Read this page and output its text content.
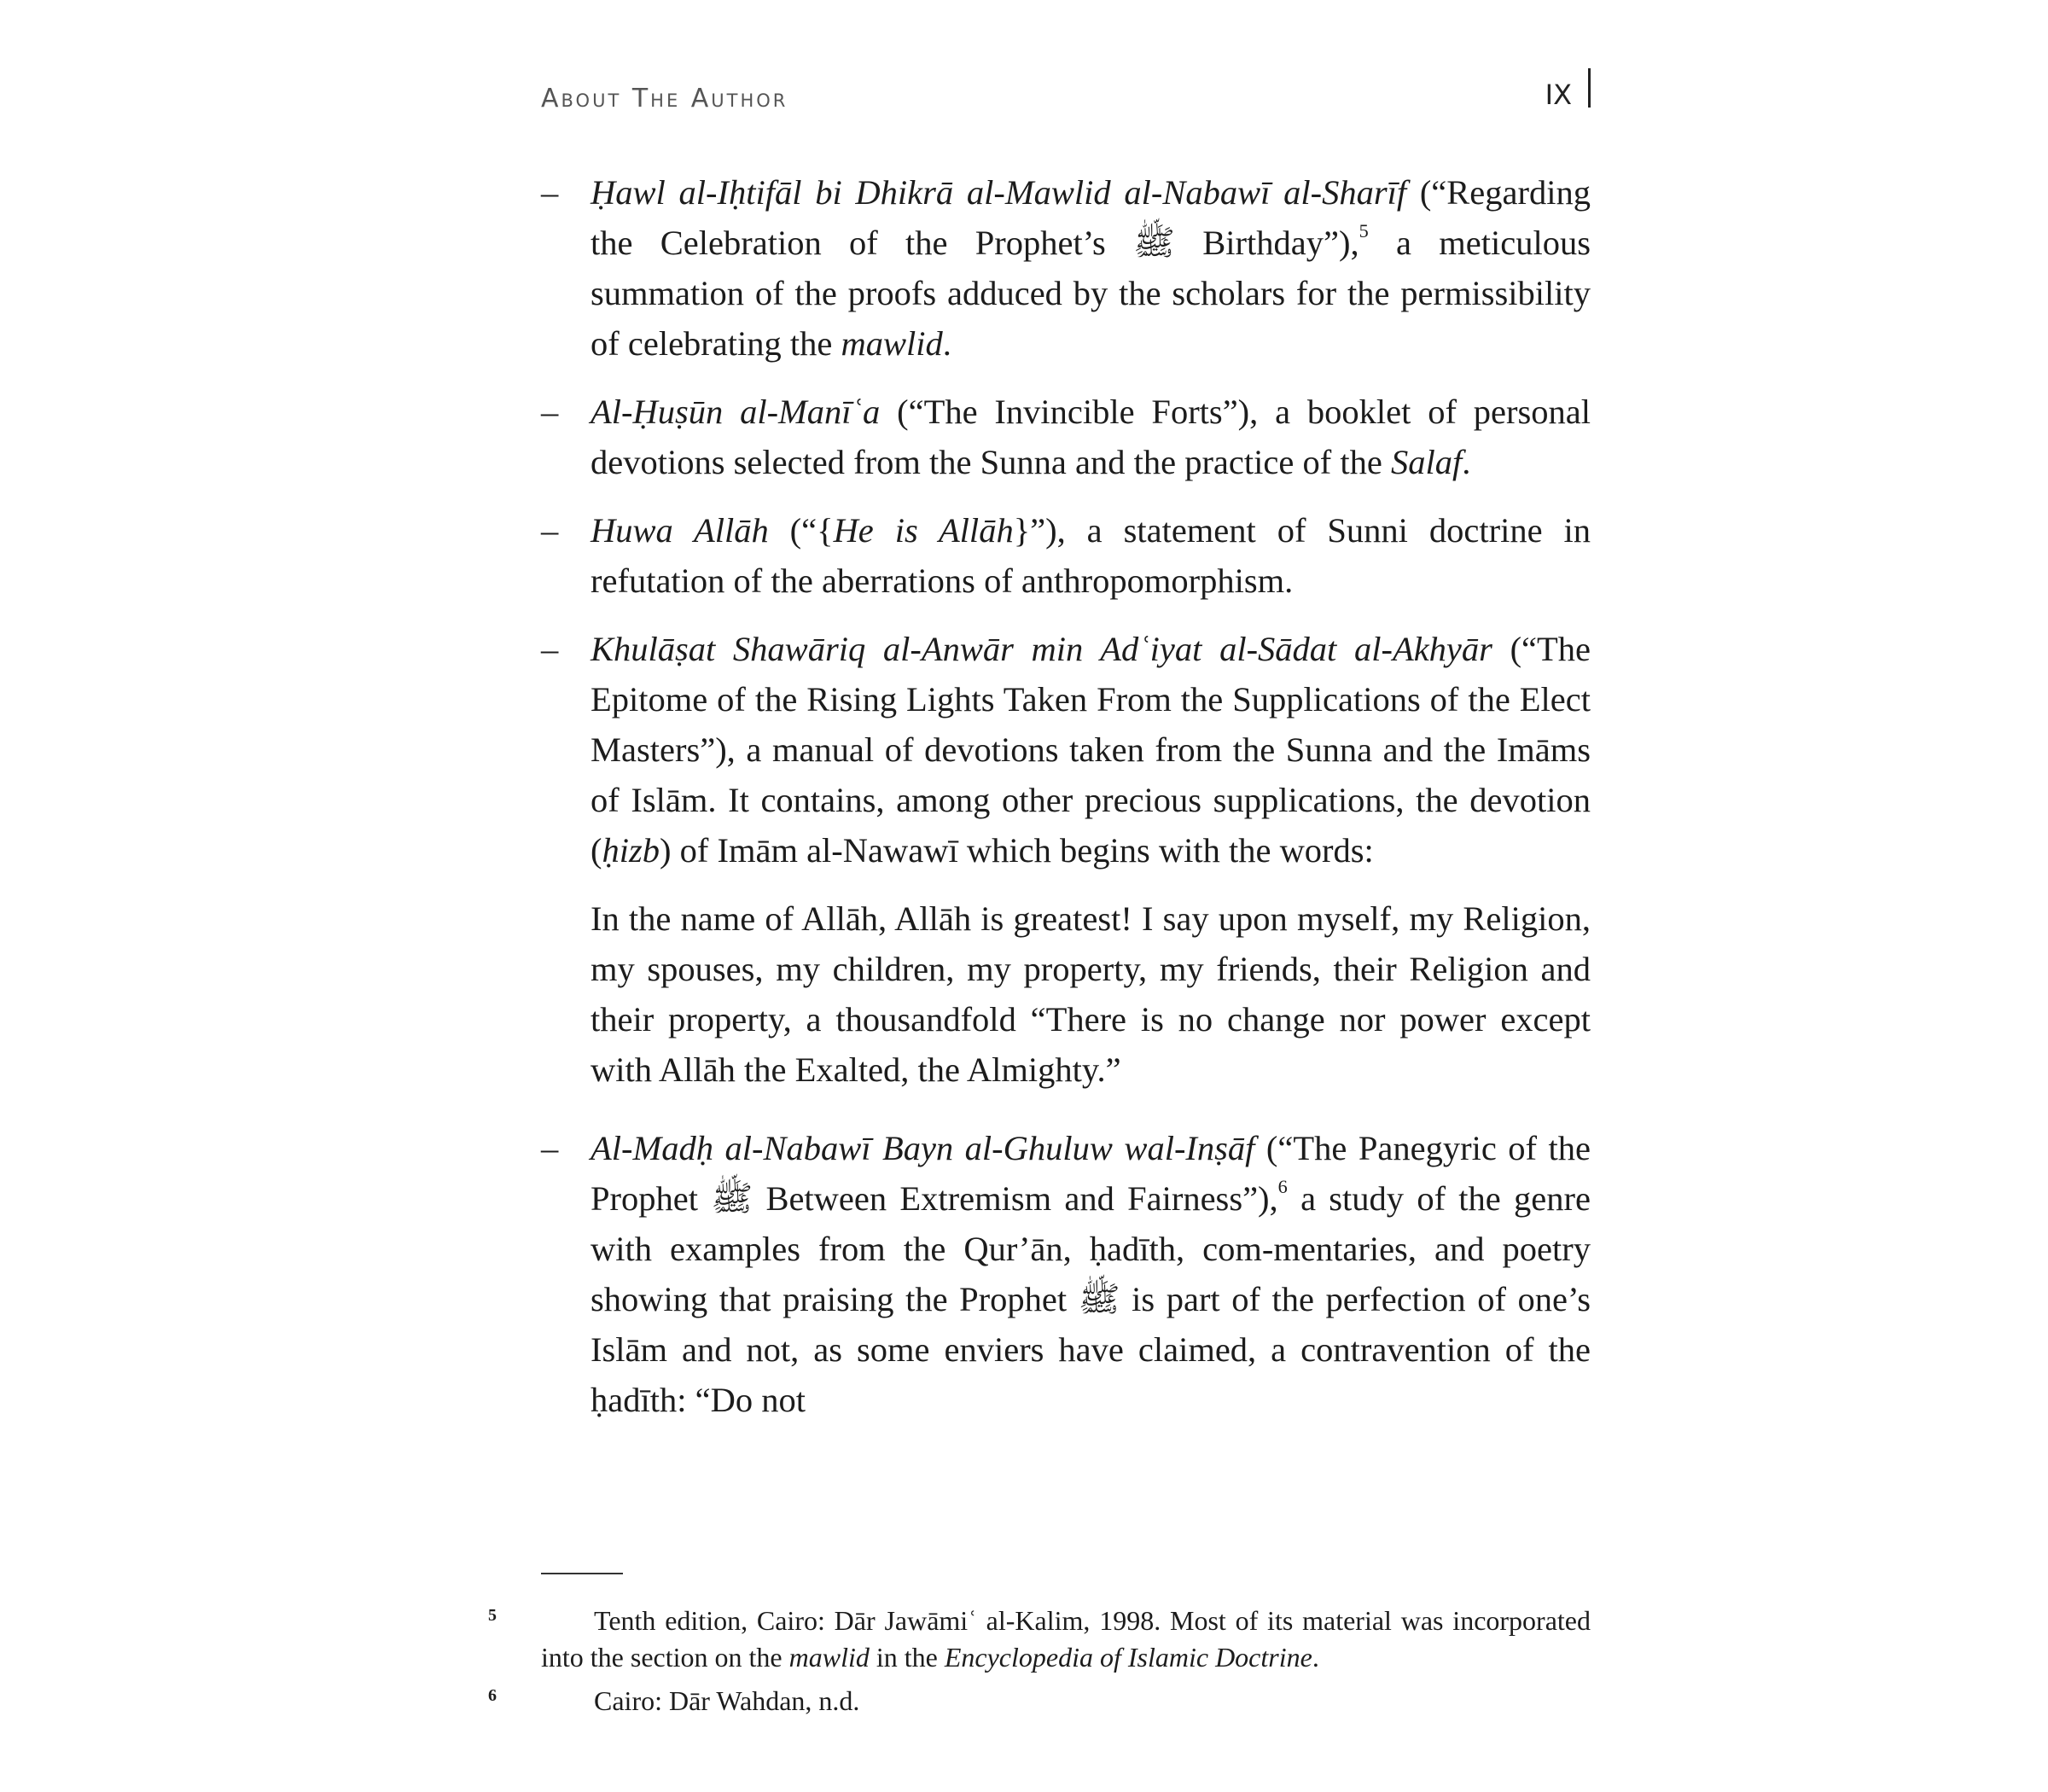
About The Author	IX
– Ḥawl al-Iḥtifāl bi Dhikrā al-Mawlid al-Nabawī al-Sharīf (“Regarding the Celebration of the Prophet’s ﷺ Birthday”),$^5$ a meticulous summation of the proofs adduced by the scholars for the permissibility of celebrating the mawlid.

– Al-Ḥuṣūn al-Manīʿa (“The Invincible Forts”), a booklet of personal devotions selected from the Sunna and the practice of the Salaf.

– Huwa Allāh (“{He is Allāh}”), a statement of Sunni doctrine in refutation of the aberrations of anthropomorphism.

– Khulāṣat Shawāriq al-Anwār min Adʿiyat al-Sādat al-Akhyār (“The Epitome of the Rising Lights Taken From the Supplications of the Elect Masters”), a manual of devotions taken from the Sunna and the Imāms of Islām. It contains, among other precious supplications, the devotion (ḥizb) of Imām al-Nawawī which begins with the words:

In the name of Allāh, Allāh is greatest! I say upon myself, my Religion, my spouses, my children, my property, my friends, their Religion and their property, a thousandfold “There is no change nor power except with Allāh the Exalted, the Almighty.”

– Al-Madḥ al-Nabawī Bayn al-Ghuluw wal-Inṣāf (“The Panegyric of the Prophet ﷺ Between Extremism and Fairness”),$^6$ a study of the genre with examples from the Qur’ān, ḥadīth, com-mentaries, and poetry showing that praising the Prophet ﷺ is part of the perfection of one’s Islām and not, as some enviers have claimed, a contravention of the ḥadīth: “Do not

5	Tenth edition, Cairo: Dār Jawāmiʿ al-Kalim, 1998. Most of its material was incorporated into the section on the mawlid in the Encyclopedia of Islamic Doctrine.

6	Cairo: Dār Wahdan, n.d.
